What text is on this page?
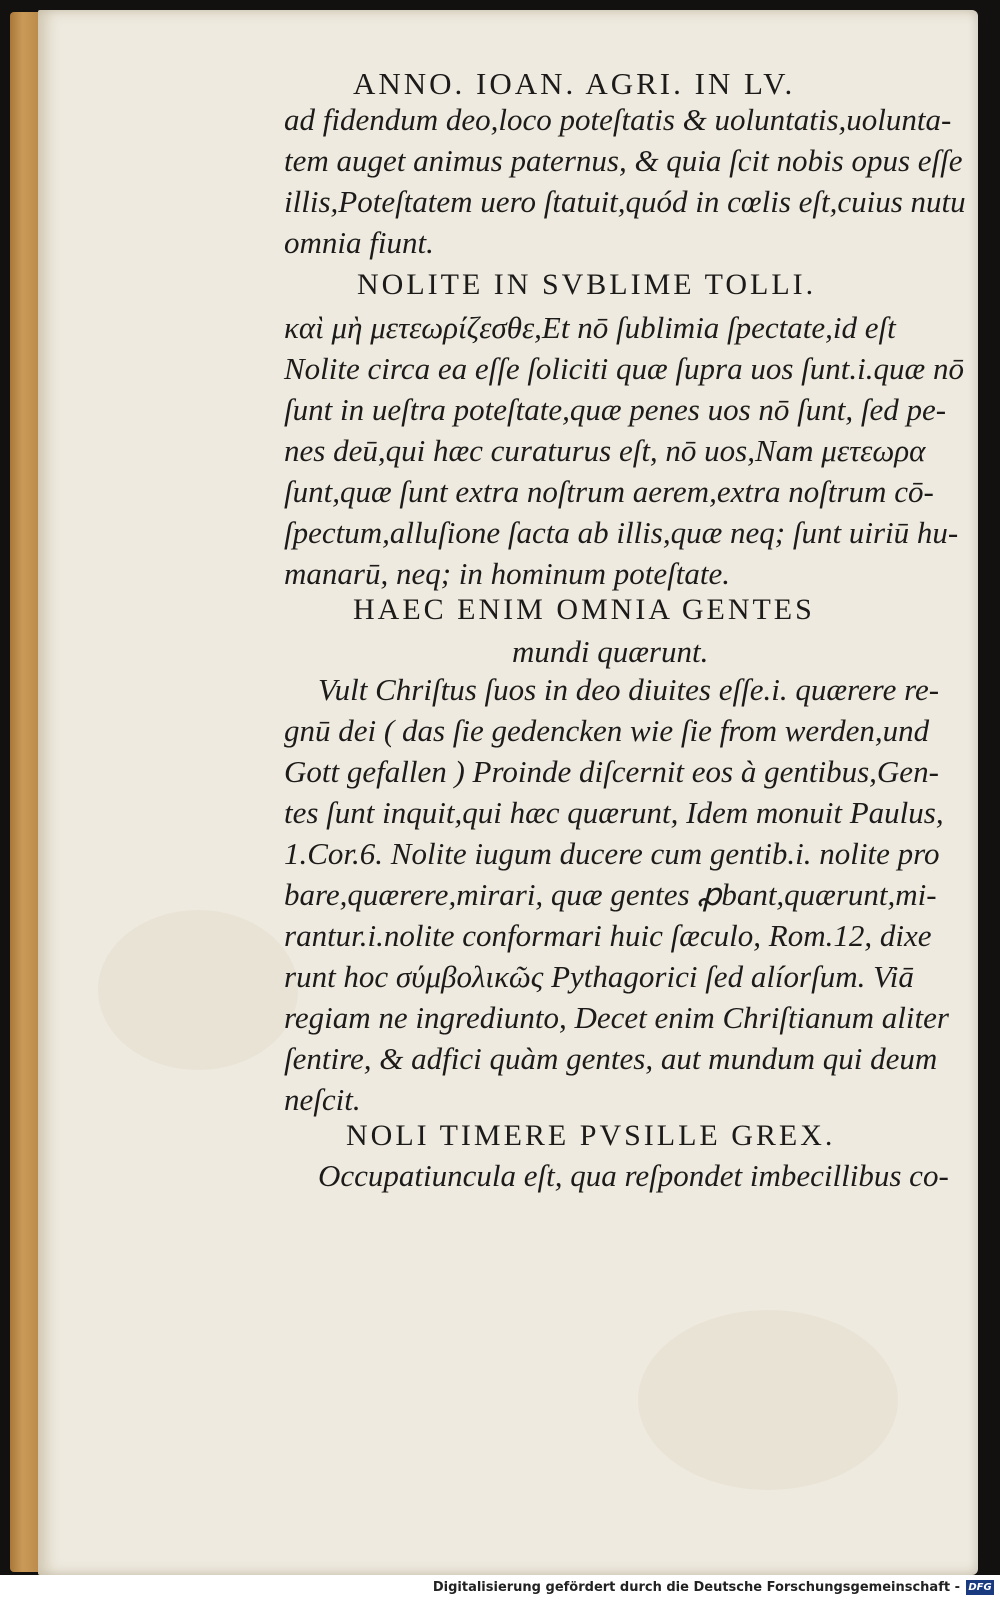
ANNO. IOAN. AGRI. IN LV.
ad fidendum deo,loco poteſtatis & uoluntatis,uolunta-
tem auget animus paternus, & quia ſcit nobis opus eſſe
illis,Poteſtatem uero ſtatuit,quód in cœlis eſt,cuius nutu
omnia fiunt.
NOLITE IN SVBLIME TOLLI.
καὶ μὴ μετεωρίζεσθε,Et nō ſublimia ſpectate,id eſt
Nolite circa ea eſſe ſoliciti quæ ſupra uos ſunt.i.quæ nō
ſunt in ueſtra poteſtate,quæ penes uos nō ſunt, ſed pe-
nes deū,qui hæc curaturus eſt, nō uos,Nam μετεωρα
ſunt,quæ ſunt extra noſtrum aerem,extra noſtrum cō-
ſpectum,alluſione ſacta ab illis,quæ neq; ſunt uiriū hu-
manarū, neq; in hominum poteſtate.
HAEC ENIM OMNIA GENTES
mundi quærunt.
Vult Chriſtus ſuos in deo diuites eſſe.i. quærere re-
gnū dei ( das ſie gedencken wie ſie from werden,und
Gott gefallen ) Proinde diſcernit eos à gentibus,Gen-
tes ſunt inquit,qui hæc quærunt, Idem monuit Paulus,
1.Cor.6. Nolite iugum ducere cum gentib.i. nolite pro
bare,quærere,mirari, quæ gentes ꝓbant,quærunt,mi-
rantur.i.nolite conformari huic ſæculo, Rom.12, dixe
runt hoc σύμβολικῶς Pythagorici ſed alíorſum. Viā
regiam ne ingrediunto, Decet enim Chriſtianum aliter
ſentire, & adfici quàm gentes, aut mundum qui deum
neſcit.
NOLI TIMERE PVSILLE GREX.
Occupatiuncula eſt, qua reſpondet imbecillibus co-
Digitalisierung gefördert durch die Deutsche Forschungsgemeinschaft - DFG
